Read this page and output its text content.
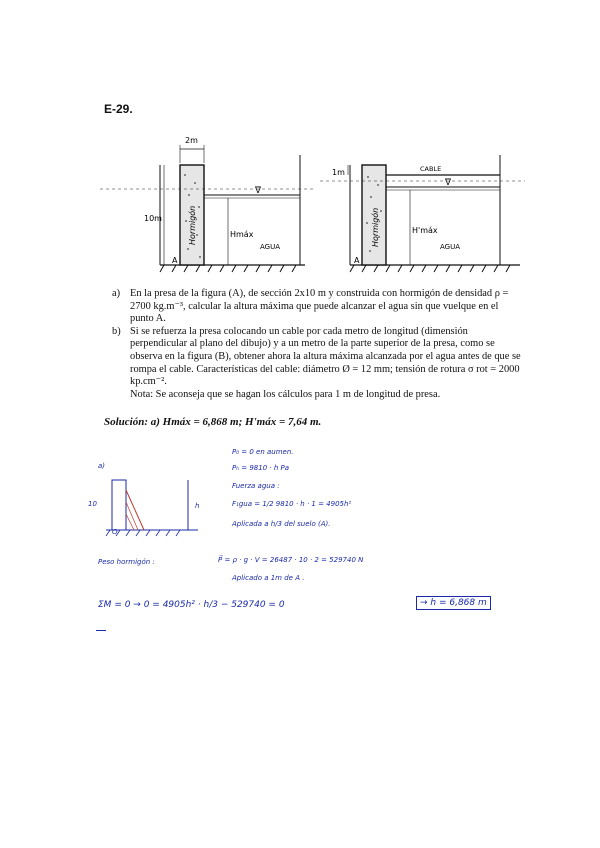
E-29.
∇
2m
10m
Hmáx
Hormigón
AGUA
A
CABLE
∇
1m
H'máx
Hormigón	AGUA
A
a) En la presa de la figura (A), de sección 2x10 m y construida con hormigón de densidad ρ = 2700 kg.m⁻³, calcular la altura máxima que puede alcanzar el agua sin que vuelque en el punto A.

b) Si se refuerza la presa colocando un cable por cada metro de longitud (dimensión perpendicular al plano del dibujo) y a un metro de la parte superior de la presa, como se observa en la figura (B), obtener ahora la altura máxima alcanzada por el agua antes de que se rompa el cable. Características del cable: diámetro Ø = 12 mm; tensión de rotura σ rot = 2000 kp.cm⁻².

Nota: Se aconseja que se hagan los cálculos para 1 m de longitud de presa.

Solución: a) Hmáx = 6,868 m; H'máx = 7,64 m.
a)
10	h
O
P₀ = 0 en aumen.
Pₕ = 9810 · h Pa
Fuerza agua :
F₁gua = 1/2 9810 · h · 1 = 4905h²
Aplicada a h/3 del suelo (A).
Peso hormigón :	P⃗ = ρ · g · V = 26487 · 10 · 2 = 529740 N
Aplicado a 1m de A .
ΣM = 0 → 0 = 4905h² · h/3 − 529740 = 0	→ h = 6,868 m
